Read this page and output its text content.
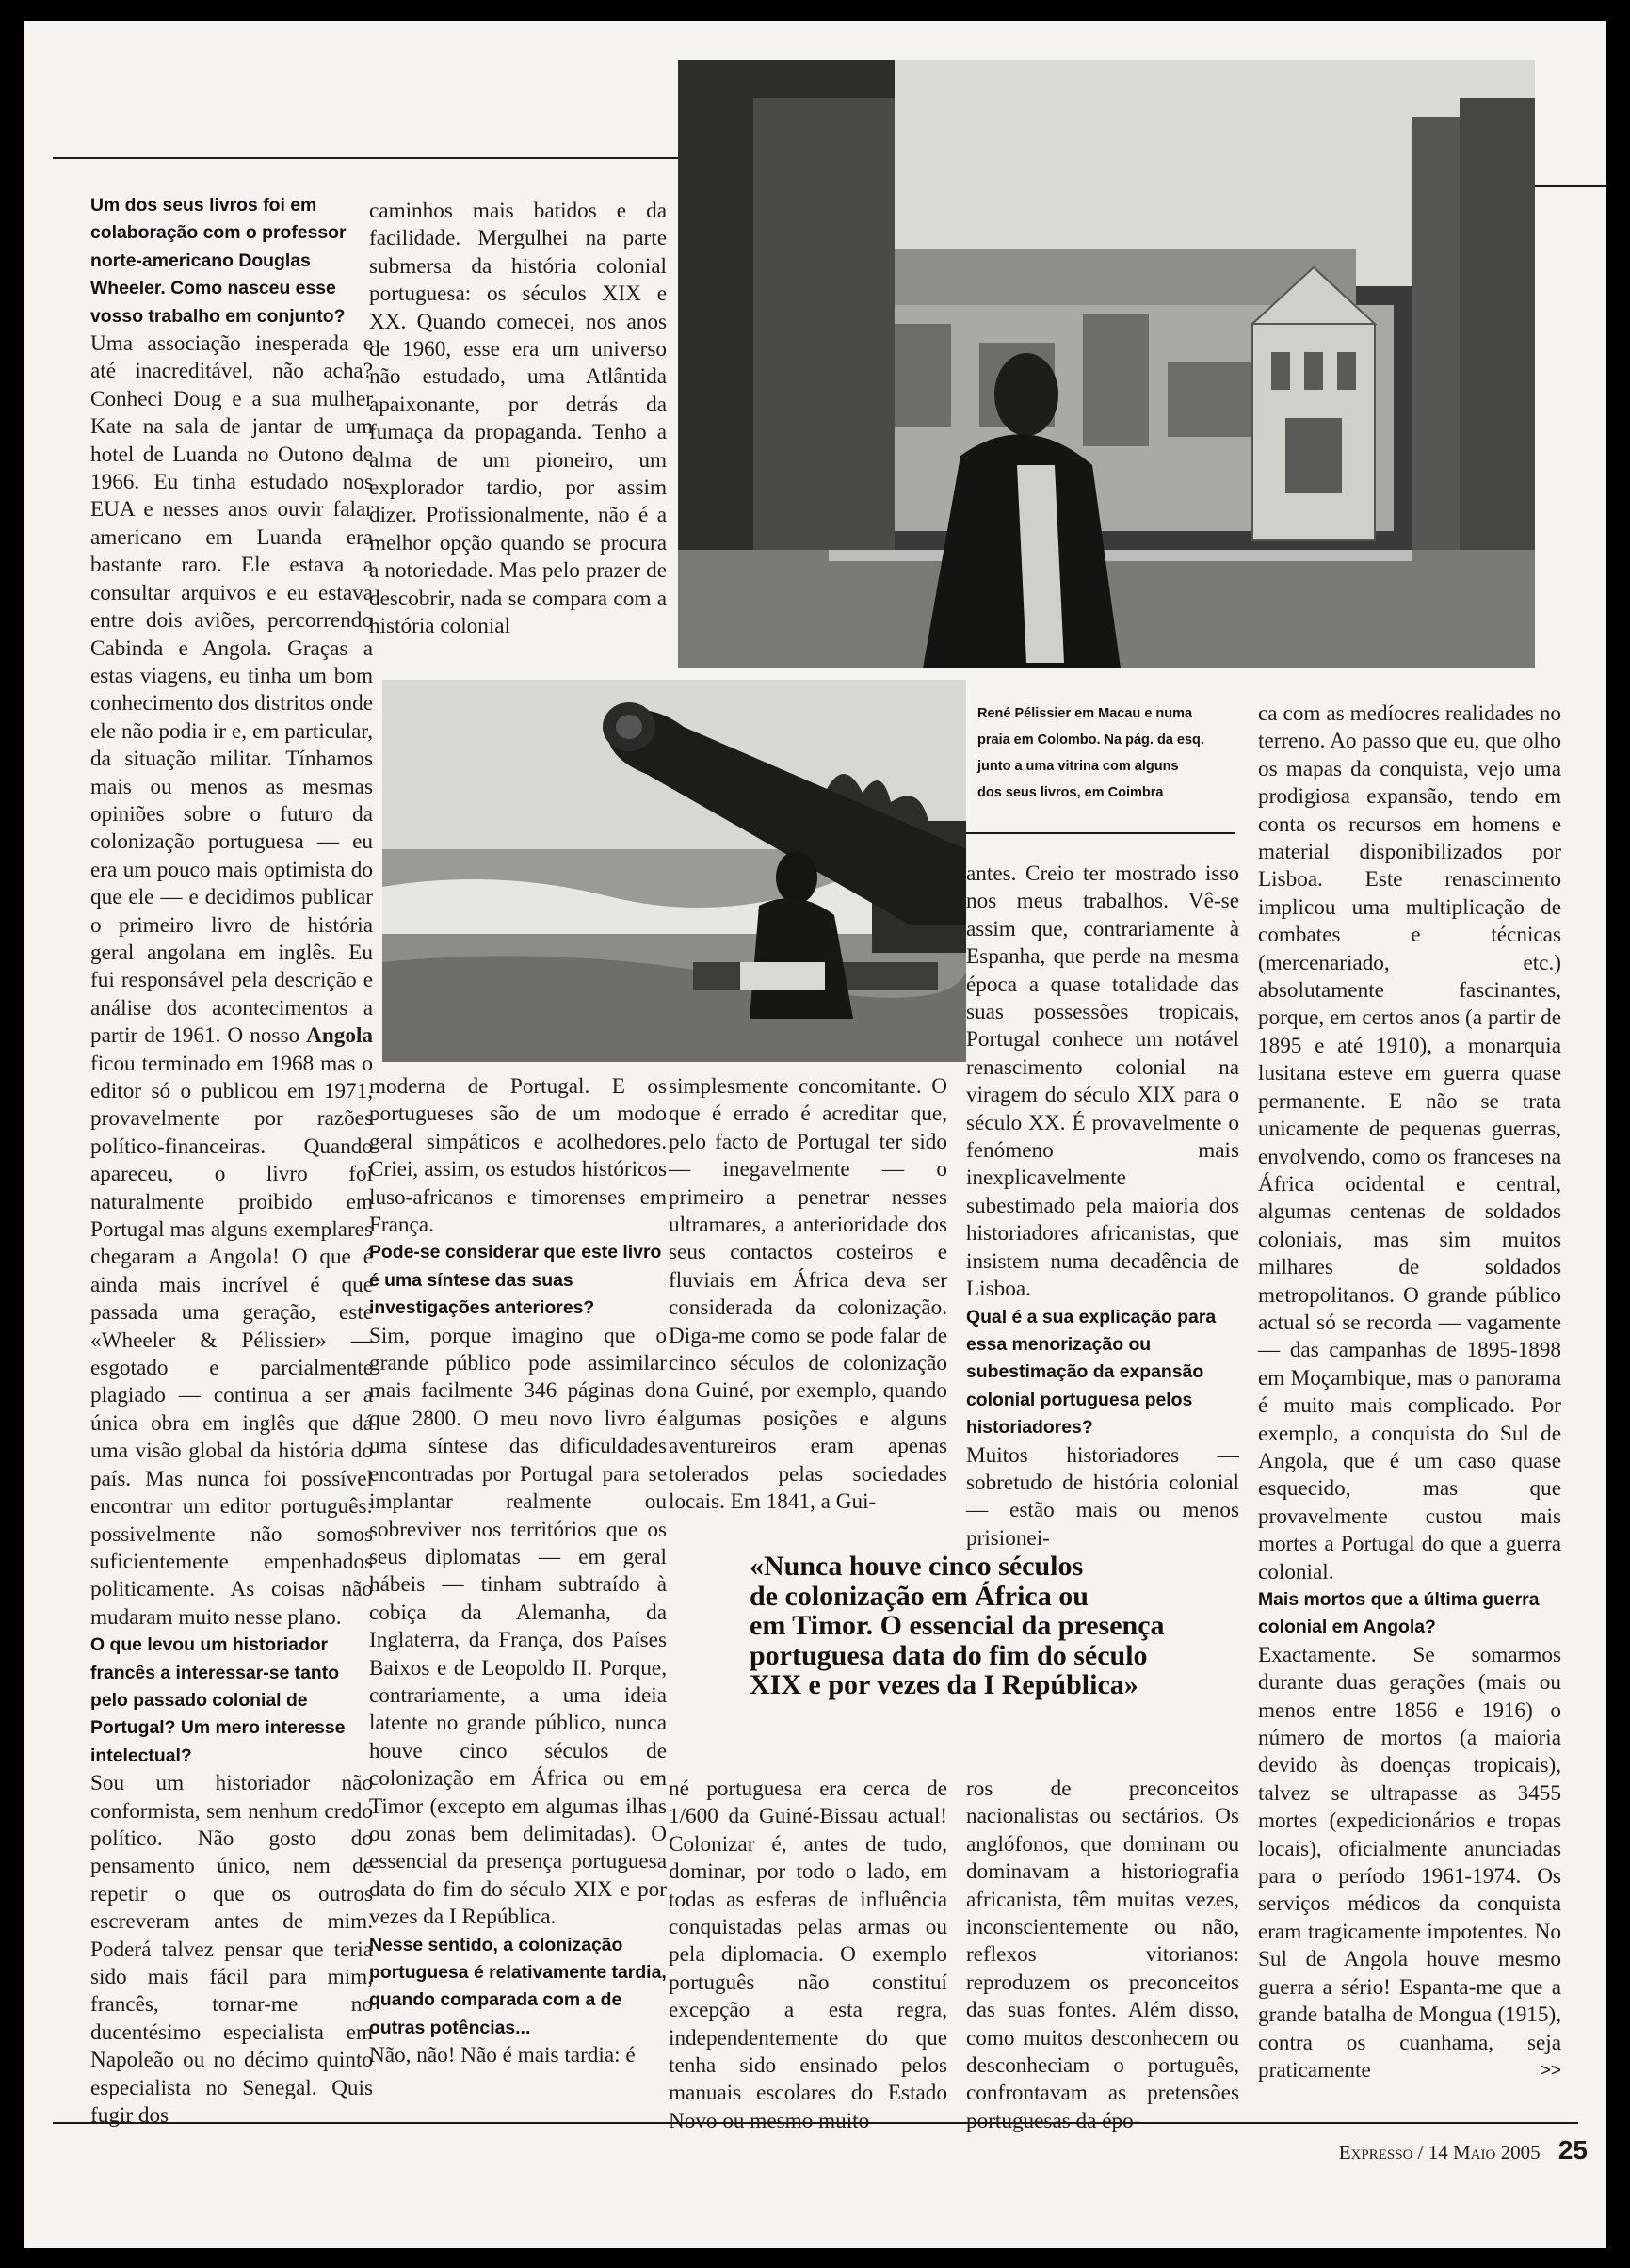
René Pélissier em Macau e numa
praia em Colombo. Na pág. da esq.
junto a uma vitrina com alguns
dos seus livros, em Coimbra
Um dos seus livros foi em colaboração com o professor norte-americano Douglas Wheeler. Como nasceu esse vosso trabalho em conjunto?

Uma associação inesperada e até inacreditável, não acha? Conheci Doug e a sua mulher Kate na sala de jantar de um hotel de Luanda no Outono de 1966. Eu tinha estudado nos EUA e nesses anos ouvir falar americano em Luanda era bastante raro. Ele estava a consultar arquivos e eu estava entre dois aviões, percorrendo Cabinda e Angola. Graças a estas viagens, eu tinha um bom conhecimento dos distritos onde ele não podia ir e, em particular, da situação militar. Tínhamos mais ou menos as mesmas opiniões sobre o futuro da colonização portuguesa — eu era um pouco mais optimista do que ele — e decidimos publicar o primeiro livro de história geral angolana em inglês. Eu fui responsável pela descrição e análise dos acontecimentos a partir de 1961. O nosso Angola ficou terminado em 1968 mas o editor só o publicou em 1971, provavelmente por razões político-financeiras. Quando apareceu, o livro foi naturalmente proibido em Portugal mas alguns exemplares chegaram a Angola! O que é ainda mais incrível é que passada uma geração, este «Wheeler & Pélissier» — esgotado e parcialmente plagiado — continua a ser a única obra em inglês que dá uma visão global da história do país. Mas nunca foi possível encontrar um editor português: possivelmente não somos suficientemente empenhados politicamente. As coisas não mudaram muito nesse plano.

O que levou um historiador francês a interessar-se tanto pelo passado colonial de Portugal? Um mero interesse intelectual?

Sou um historiador não conformista, sem nenhum credo político. Não gosto do pensamento único, nem de repetir o que os outros escreveram antes de mim. Poderá talvez pensar que teria sido mais fácil para mim, francês, tornar-me no ducentésimo especialista em Napoleão ou no décimo quinto especialista no Senegal. Quis fugir dos

caminhos mais batidos e da facilidade. Mergulhei na parte submersa da história colonial portuguesa: os séculos XIX e XX. Quando comecei, nos anos de 1960, esse era um universo não estudado, uma Atlântida apaixonante, por detrás da fumaça da propaganda. Tenho a alma de um pioneiro, um explorador tardio, por assim dizer. Profissionalmente, não é a melhor opção quando se procura a notoriedade. Mas pelo prazer de descobrir, nada se compara com a história colonial

moderna de Portugal. E os portugueses são de um modo geral simpáticos e acolhedores. Criei, assim, os estudos históricos luso-africanos e timorenses em França.

Pode-se considerar que este livro é uma síntese das suas investigações anteriores?

Sim, porque imagino que o grande público pode assimilar mais facilmente 346 páginas do que 2800. O meu novo livro é uma síntese das dificuldades encontradas por Portugal para se implantar realmente ou sobreviver nos territórios que os seus diplomatas — em geral hábeis — tinham subtraído à cobiça da Alemanha, da Inglaterra, da França, dos Países Baixos e de Leopoldo II. Porque, contrariamente, a uma ideia latente no grande público, nunca houve cinco séculos de colonização em África ou em Timor (excepto em algumas ilhas ou zonas bem delimitadas). O essencial da presença portuguesa data do fim do século XIX e por vezes da I República.

Nesse sentido, a colonização portuguesa é relativamente tardia, quando comparada com a de outras potências...

Não, não! Não é mais tardia: é

simplesmente concomitante. O que é errado é acreditar que, pelo facto de Portugal ter sido — inegavelmente — o primeiro a penetrar nesses ultramares, a anterioridade dos seus contactos costeiros e fluviais em África deva ser considerada da colonização. Diga-me como se pode falar de cinco séculos de colonização na Guiné, por exemplo, quando algumas posições e alguns aventureiros eram apenas tolerados pelas sociedades locais. Em 1841, a Gui-

«Nunca houve cinco séculos
de colonização em África ou
em Timor. O essencial da presença
portuguesa data do fim do século
XIX e por vezes da I República»

né portuguesa era cerca de 1/600 da Guiné-Bissau actual! Colonizar é, antes de tudo, dominar, por todo o lado, em todas as esferas de influência conquistadas pelas armas ou pela diplomacia. O exemplo português não constituí excepção a esta regra, independentemente do que tenha sido ensinado pelos manuais escolares do Estado Novo ou mesmo muito

antes. Creio ter mostrado isso nos meus trabalhos. Vê-se assim que, contrariamente à Espanha, que perde na mesma época a quase totalidade das suas possessões tropicais, Portugal conhece um notável renascimento colonial na viragem do século XIX para o século XX. É provavelmente o fenómeno mais inexplicavelmente subestimado pela maioria dos historiadores africanistas, que insistem numa decadência de Lisboa.

Qual é a sua explicação para essa menorização ou subestimação da expansão colonial portuguesa pelos historiadores?

Muitos historiadores — sobretudo de história colonial — estão mais ou menos prisionei-

ros de preconceitos nacionalistas ou sectários. Os anglófonos, que dominam ou dominavam a historiografia africanista, têm muitas vezes, inconscientemente ou não, reflexos vitorianos: reproduzem os preconceitos das suas fontes. Além disso, como muitos desconhecem ou desconheciam o português, confrontavam as pretensões portuguesas da épo-

ca com as medíocres realidades no terreno. Ao passo que eu, que olho os mapas da conquista, vejo uma prodigiosa expansão, tendo em conta os recursos em homens e material disponibilizados por Lisboa. Este renascimento implicou uma multiplicação de combates e técnicas (mercenariado, etc.) absolutamente fascinantes, porque, em certos anos (a partir de 1895 e até 1910), a monarquia lusitana esteve em guerra quase permanente. E não se trata unicamente de pequenas guerras, envolvendo, como os franceses na África ocidental e central, algumas centenas de soldados coloniais, mas sim muitos milhares de soldados metropolitanos. O grande público actual só se recorda — vagamente — das campanhas de 1895-1898 em Moçambique, mas o panorama é muito mais complicado. Por exemplo, a conquista do Sul de Angola, que é um caso quase esquecido, mas que provavelmente custou mais mortes a Portugal do que a guerra colonial.

Mais mortos que a última guerra colonial em Angola?

Exactamente. Se somarmos durante duas gerações (mais ou menos entre 1856 e 1916) o número de mortos (a maioria devido às doenças tropicais), talvez se ultrapasse as 3455 mortes (expedicionários e tropas locais), oficialmente anunciadas para o período 1961-1974. Os serviços médicos da conquista eram tragicamente impotentes. No Sul de Angola houve mesmo guerra a sério! Espanta-me que a grande batalha de Mongua (1915), contra os cuanhama, seja praticamente	>>

Expresso / 14 Maio 2005 25
